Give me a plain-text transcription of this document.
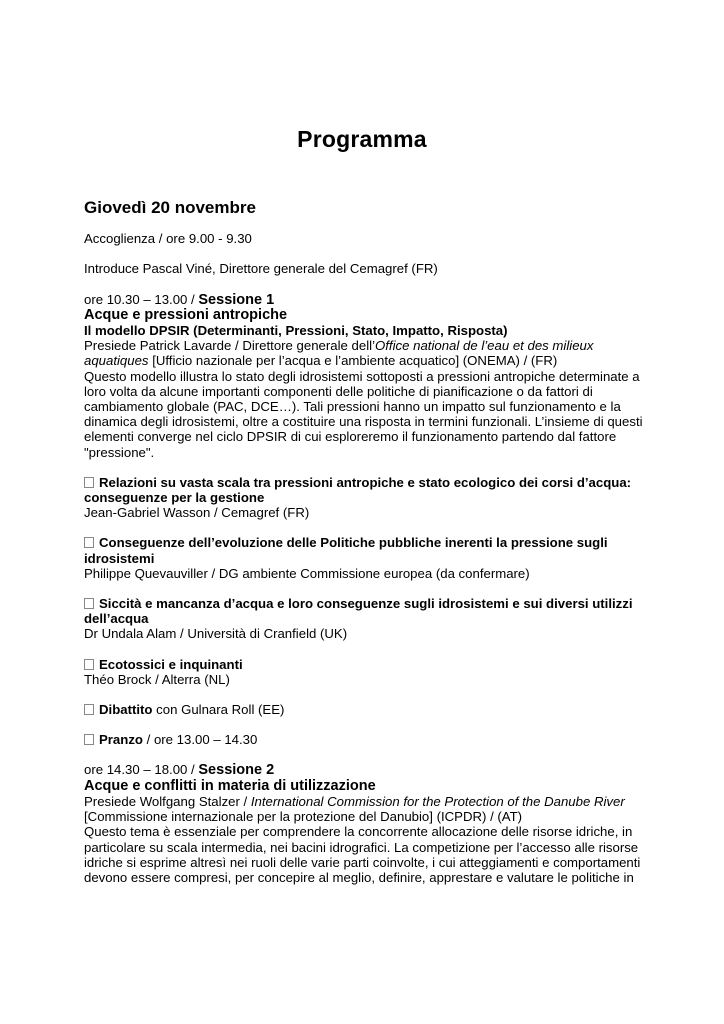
Programma
Giovedì 20 novembre

Accoglienza / ore 9.00 - 9.30

Introduce Pascal Viné, Direttore generale del Cemagref (FR)

ore 10.30 – 13.00 / Sessione 1
Acque e pressioni antropiche
Il modello DPSIR (Determinanti, Pressioni, Stato, Impatto, Risposta)
Presiede Patrick Lavarde / Direttore generale dell’Office national de l’eau et des milieux aquatiques [Ufficio nazionale per l’acqua e l’ambiente acquatico] (ONEMA) / (FR)
Questo modello illustra lo stato degli idrosistemi sottoposti a pressioni antropiche determinate a loro volta da alcune importanti componenti delle politiche di pianificazione o da fattori di cambiamento globale (PAC, DCE…). Tali pressioni hanno un impatto sul funzionamento e la dinamica degli idrosistemi, oltre a costituire una risposta in termini funzionali. L’insieme di questi elementi converge nel ciclo DPSIR di cui esploreremo il funzionamento partendo dal fattore "pressione".

Relazioni su vasta scala tra pressioni antropiche e stato ecologico dei corsi d’acqua: conseguenze per la gestione
Jean-Gabriel Wasson / Cemagref (FR)

Conseguenze dell’evoluzione delle Politiche pubbliche inerenti la pressione sugli idrosistemi
Philippe Quevauviller / DG ambiente Commissione europea (da confermare)

Siccità e mancanza d’acqua e loro conseguenze sugli idrosistemi e sui diversi utilizzi dell’acqua
Dr Undala Alam / Università di Cranfield (UK)

Ecotossici e inquinanti
Théo Brock / Alterra (NL)

Dibattito con Gulnara Roll (EE)

Pranzo / ore 13.00 – 14.30

ore 14.30 – 18.00 / Sessione 2
Acque e conflitti in materia di utilizzazione
Presiede Wolfgang Stalzer / International Commission for the Protection of the Danube River [Commissione internazionale per la protezione del Danubio] (ICPDR) / (AT)
Questo tema è essenziale per comprendere la concorrente allocazione delle risorse idriche, in particolare su scala intermedia, nei bacini idrografici. La competizione per l’accesso alle risorse idriche si esprime altresì nei ruoli delle varie parti coinvolte, i cui atteggiamenti e comportamenti devono essere compresi, per concepire al meglio, definire, apprestare e valutare le politiche in
